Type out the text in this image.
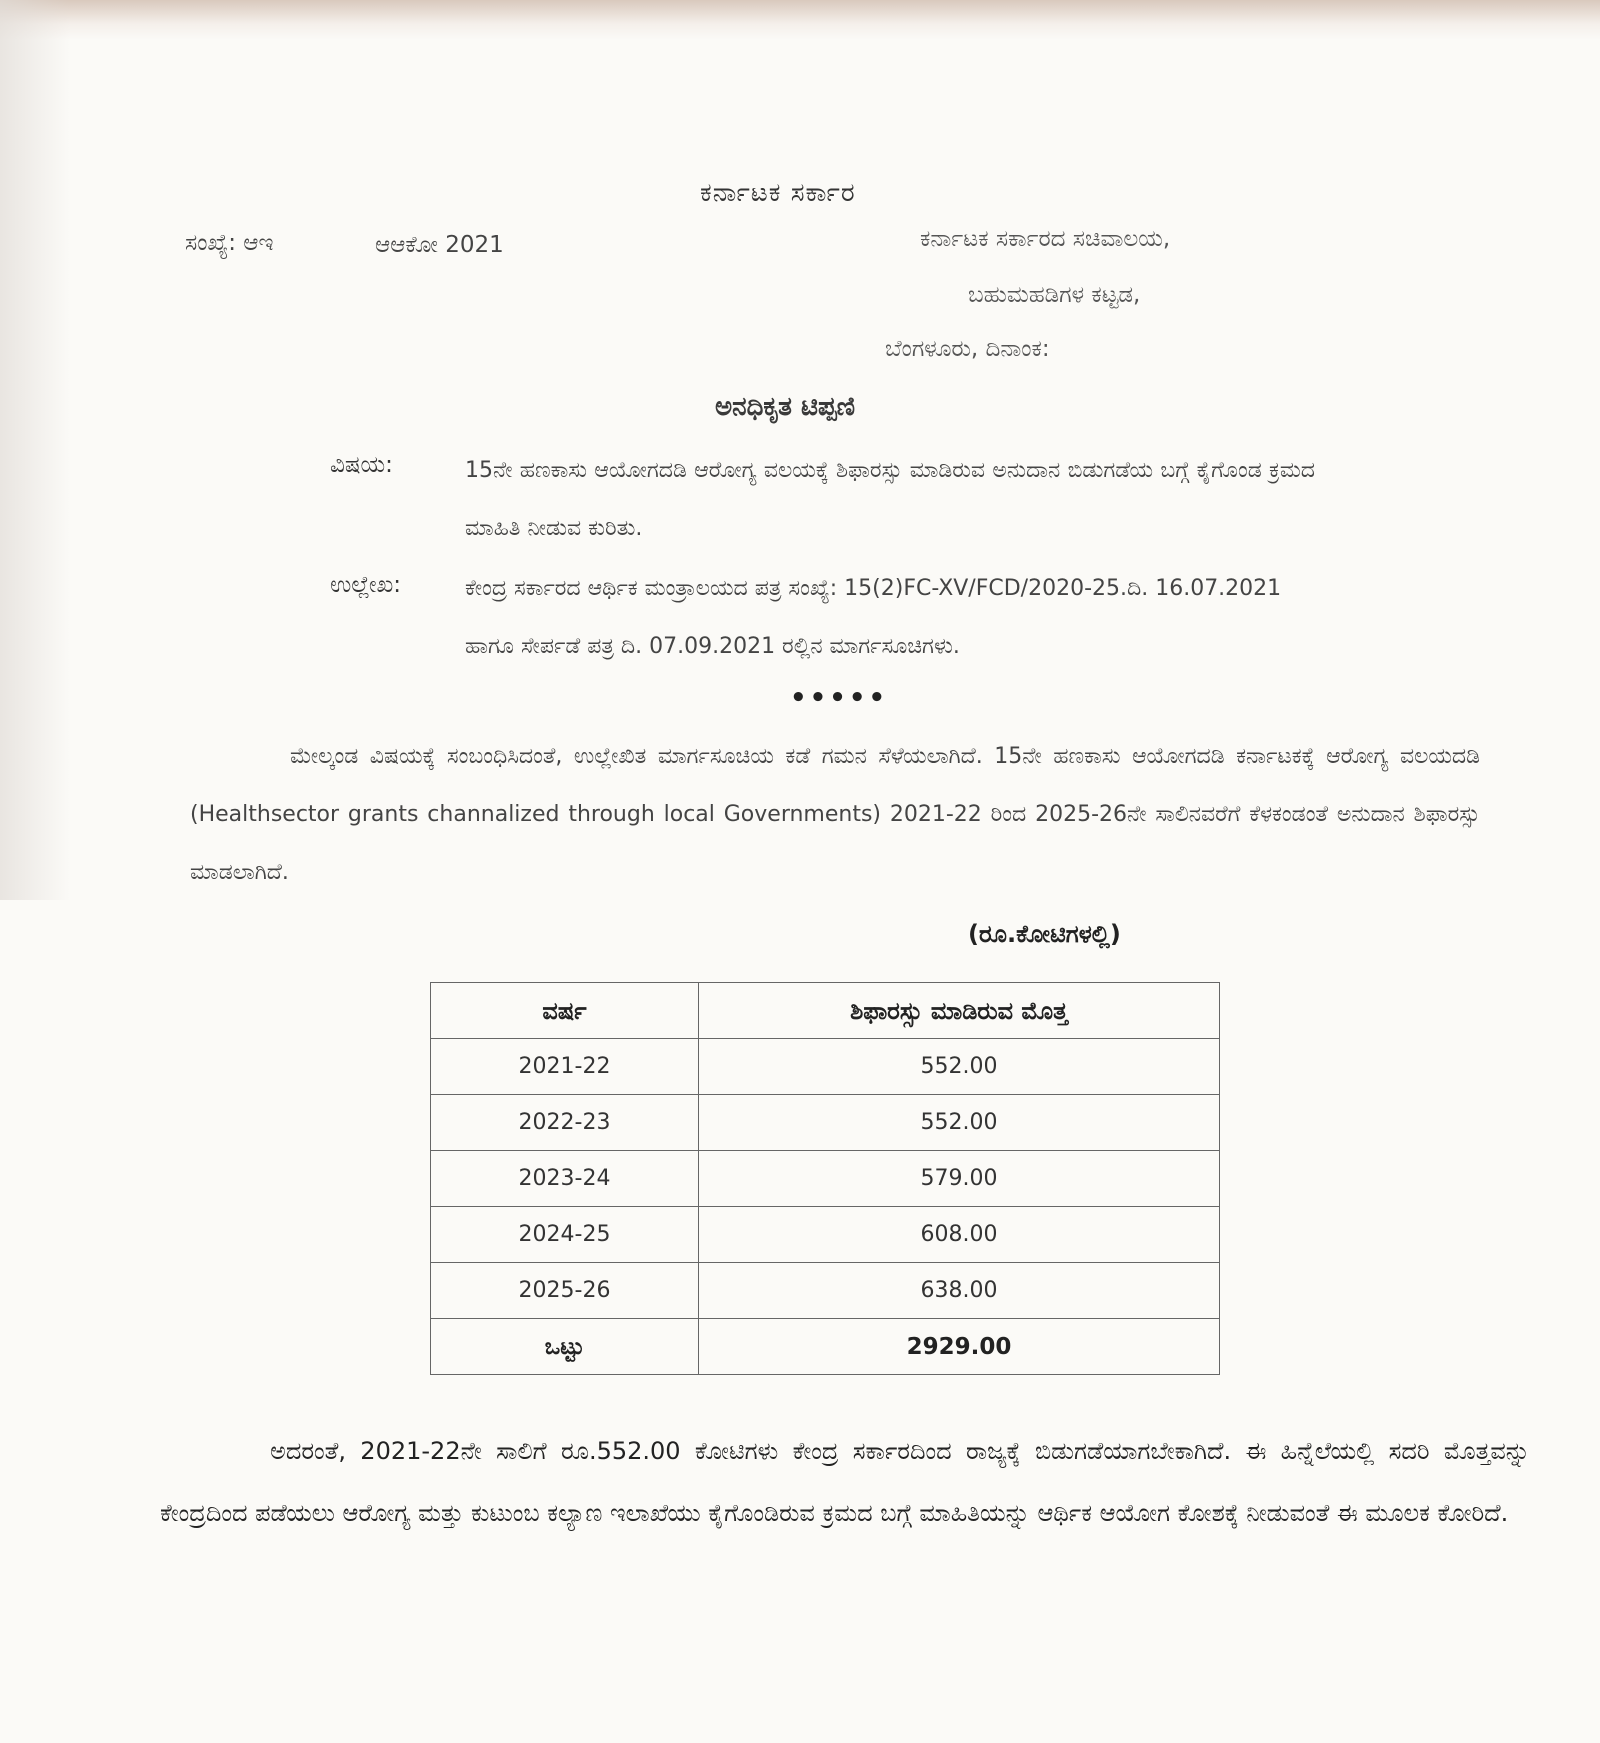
ಕರ್ನಾಟಕ ಸರ್ಕಾರ
ಸಂಖ್ಯೆ: ಆಇ	ಆಆಕೋ 2021	ಕರ್ನಾಟಕ ಸರ್ಕಾರದ ಸಚಿವಾಲಯ,
ಬಹುಮಹಡಿಗಳ ಕಟ್ಟಡ,
ಬೆಂಗಳೂರು, ದಿನಾಂಕ:
ಅನಧಿಕೃತ ಟಿಪ್ಪಣಿ
ವಿಷಯ:	15ನೇ ಹಣಕಾಸು ಆಯೋಗದಡಿ ಆರೋಗ್ಯ ವಲಯಕ್ಕೆ ಶಿಫಾರಸ್ಸು ಮಾಡಿರುವ ಅನುದಾನ ಬಿಡುಗಡೆಯ ಬಗ್ಗೆ ಕೈಗೊಂಡ ಕ್ರಮದ ಮಾಹಿತಿ ನೀಡುವ ಕುರಿತು.
ಉಲ್ಲೇಖ:	ಕೇಂದ್ರ ಸರ್ಕಾರದ ಆರ್ಥಿಕ ಮಂತ್ರಾಲಯದ ಪತ್ರ ಸಂಖ್ಯೆ: 15(2)FC-XV/FCD/2020-25.ದಿ. 16.07.2021 ಹಾಗೂ ಸೇರ್ಪಡೆ ಪತ್ರ ದಿ. 07.09.2021 ರಲ್ಲಿನ ಮಾರ್ಗಸೂಚಿಗಳು.
•••••
ಮೇಲ್ಕಂಡ ವಿಷಯಕ್ಕೆ ಸಂಬಂಧಿಸಿದಂತೆ, ಉಲ್ಲೇಖಿತ ಮಾರ್ಗಸೂಚಿಯ ಕಡೆ ಗಮನ ಸೆಳೆಯಲಾಗಿದೆ. 15ನೇ ಹಣಕಾಸು ಆಯೋಗದಡಿ ಕರ್ನಾಟಕಕ್ಕೆ ಆರೋಗ್ಯ ವಲಯದಡಿ (Healthsector grants channalized through local Governments) 2021-22 ರಿಂದ 2025-26ನೇ ಸಾಲಿನವರೆಗೆ ಕೆಳಕಂಡಂತೆ ಅನುದಾನ ಶಿಫಾರಸ್ಸು ಮಾಡಲಾಗಿದೆ.
(ರೂ.ಕೋಟಿಗಳಲ್ಲಿ)
ವರ್ಷ	ಶಿಫಾರಸ್ಸು ಮಾಡಿರುವ ಮೊತ್ತ
2021-22	552.00
2022-23	552.00
2023-24	579.00
2024-25	608.00
2025-26	638.00
ಒಟ್ಟು	2929.00
ಅದರಂತೆ, 2021-22ನೇ ಸಾಲಿಗೆ ರೂ.552.00 ಕೋಟಿಗಳು ಕೇಂದ್ರ ಸರ್ಕಾರದಿಂದ ರಾಜ್ಯಕ್ಕೆ ಬಿಡುಗಡೆಯಾಗಬೇಕಾಗಿದೆ. ಈ ಹಿನ್ನೆಲೆಯಲ್ಲಿ ಸದರಿ ಮೊತ್ತವನ್ನು ಕೇಂದ್ರದಿಂದ ಪಡೆಯಲು ಆರೋಗ್ಯ ಮತ್ತು ಕುಟುಂಬ ಕಲ್ಯಾಣ ಇಲಾಖೆಯು ಕೈಗೊಂಡಿರುವ ಕ್ರಮದ ಬಗ್ಗೆ ಮಾಹಿತಿಯನ್ನು ಆರ್ಥಿಕ ಆಯೋಗ ಕೋಶಕ್ಕೆ ನೀಡುವಂತೆ ಈ ಮೂಲಕ ಕೋರಿದೆ.
